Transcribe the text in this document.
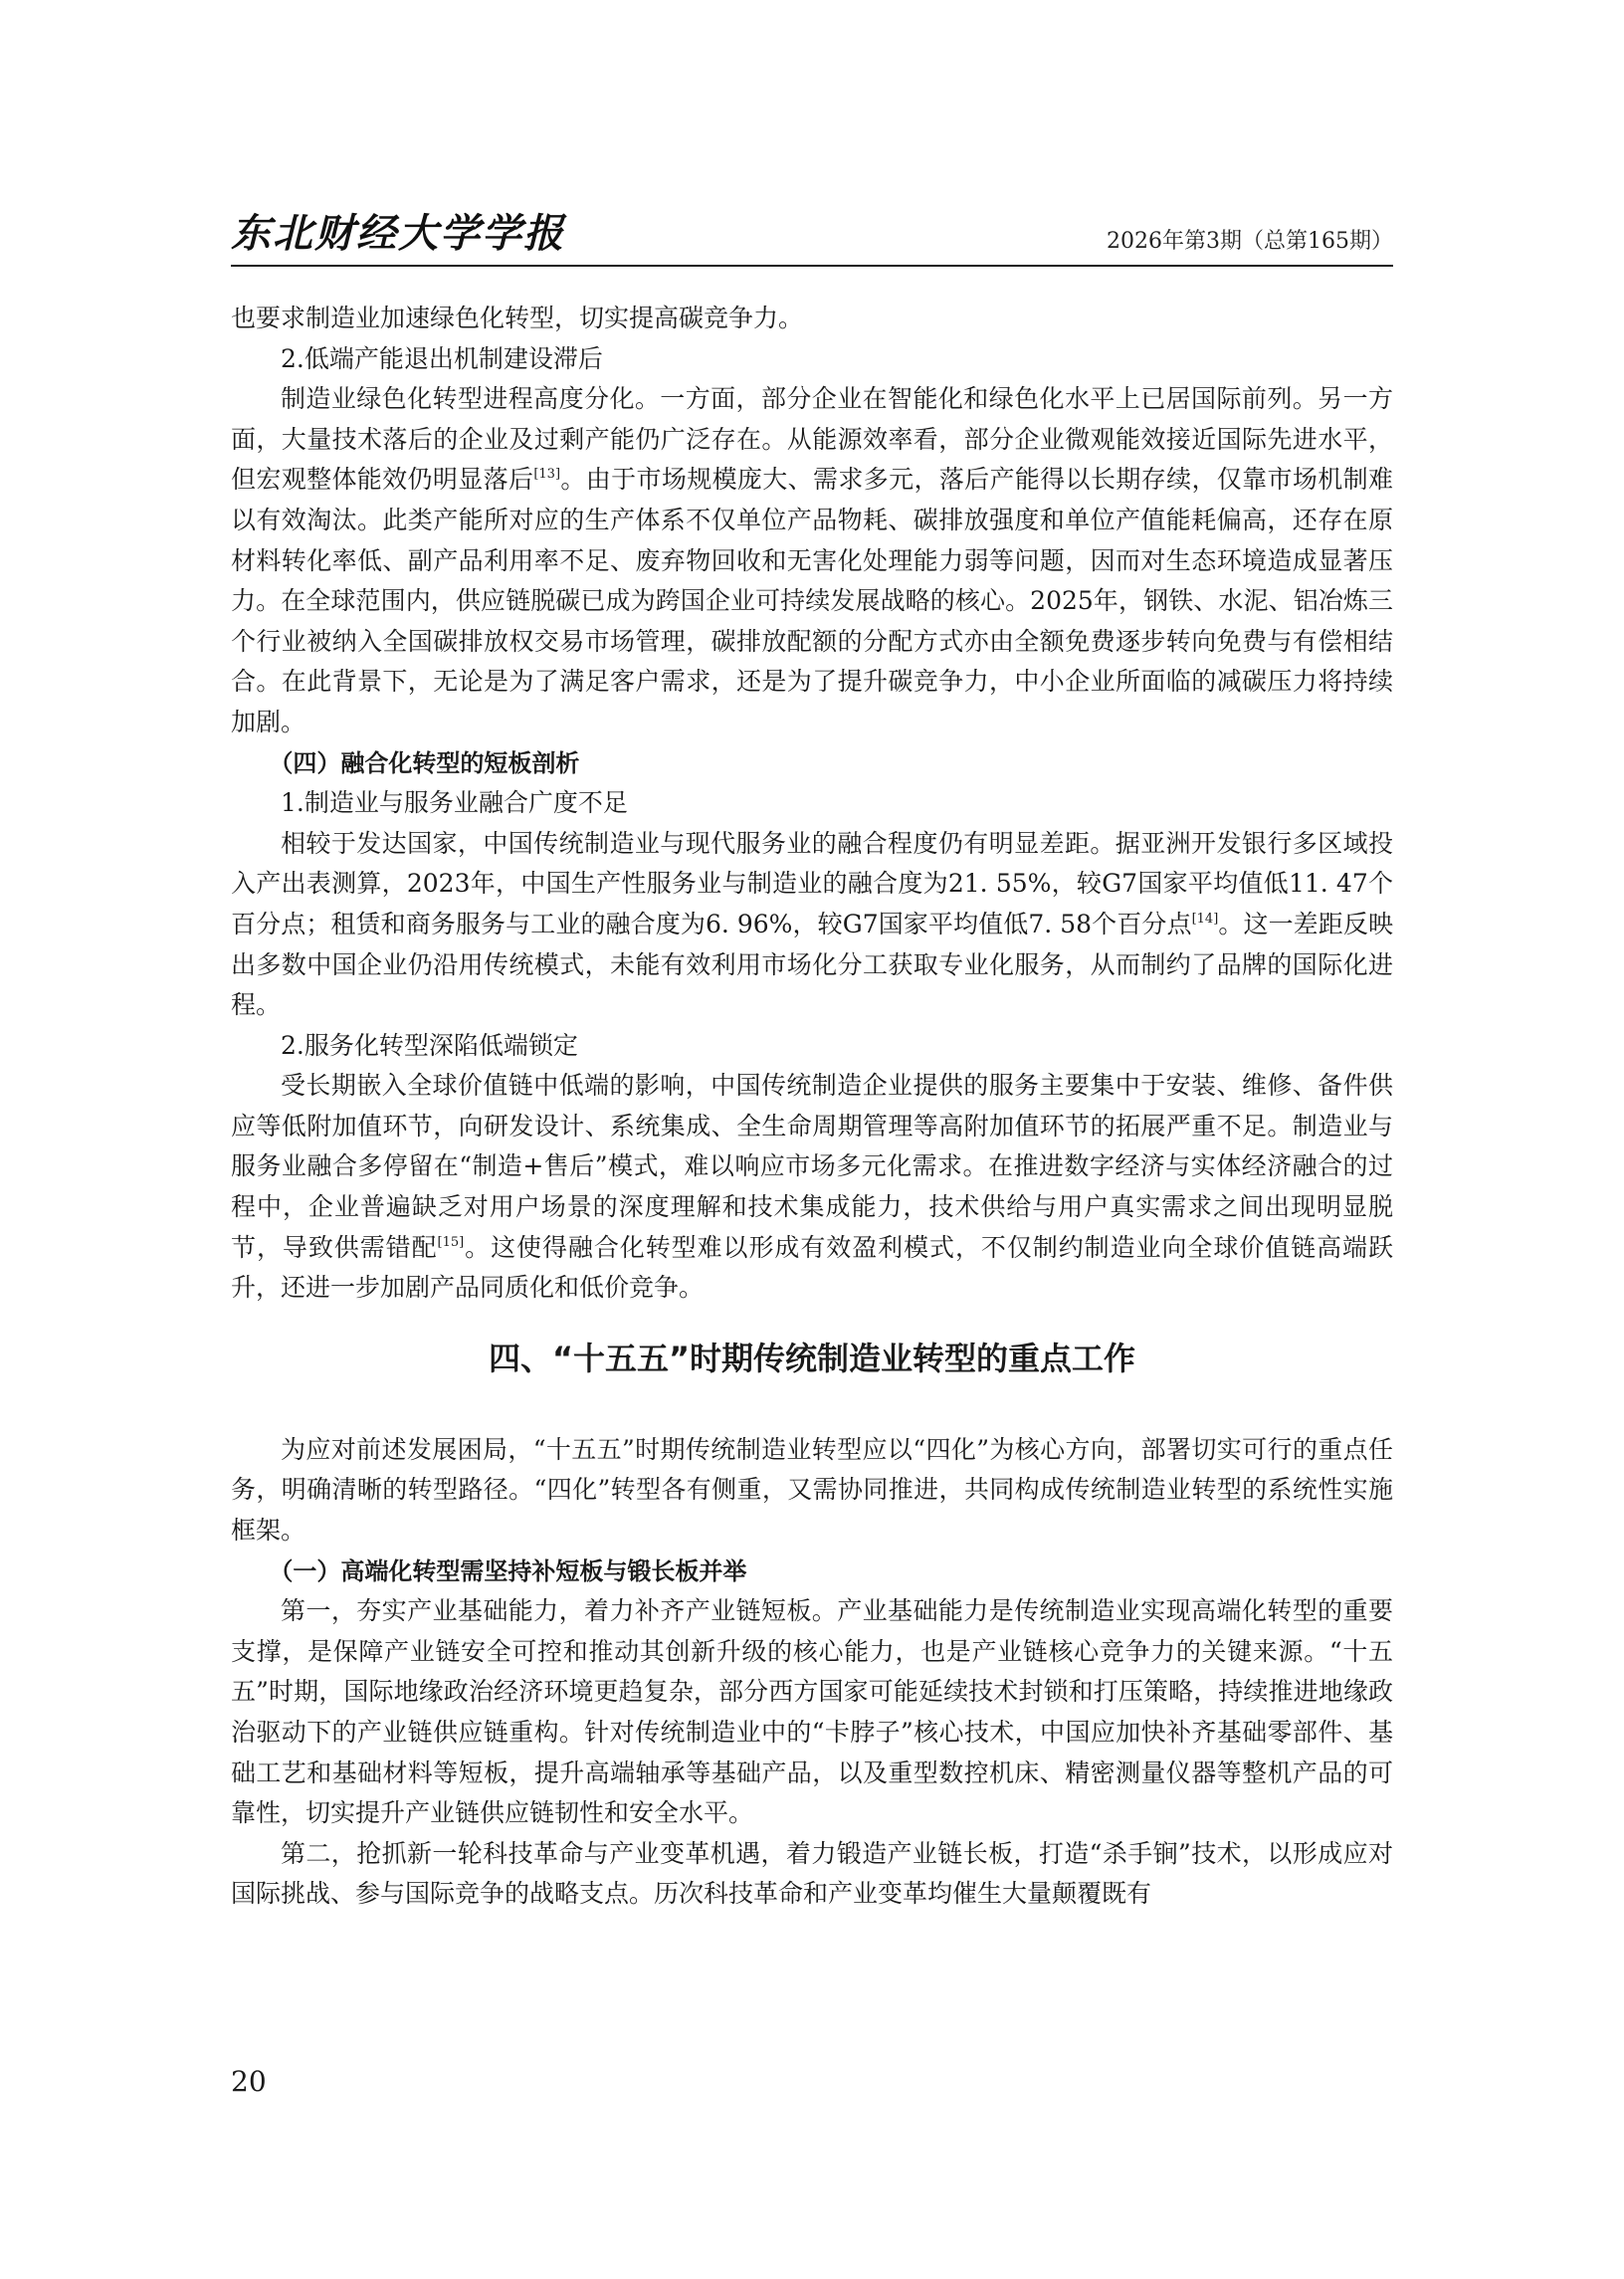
东北财经大学学报	2026年第3期（总第165期）

也要求制造业加速绿色化转型，切实提高碳竞争力。

2.低端产能退出机制建设滞后

制造业绿色化转型进程高度分化。一方面，部分企业在智能化和绿色化水平上已居国际前列。另一方面，大量技术落后的企业及过剩产能仍广泛存在。从能源效率看，部分企业微观能效接近国际先进水平，但宏观整体能效仍明显落后[13]。由于市场规模庞大、需求多元，落后产能得以长期存续，仅靠市场机制难以有效淘汰。此类产能所对应的生产体系不仅单位产品物耗、碳排放强度和单位产值能耗偏高，还存在原材料转化率低、副产品利用率不足、废弃物回收和无害化处理能力弱等问题，因而对生态环境造成显著压力。在全球范围内，供应链脱碳已成为跨国企业可持续发展战略的核心。2025年，钢铁、水泥、铝冶炼三个行业被纳入全国碳排放权交易市场管理，碳排放配额的分配方式亦由全额免费逐步转向免费与有偿相结合。在此背景下，无论是为了满足客户需求，还是为了提升碳竞争力，中小企业所面临的减碳压力将持续加剧。

（四）融合化转型的短板剖析

1.制造业与服务业融合广度不足

相较于发达国家，中国传统制造业与现代服务业的融合程度仍有明显差距。据亚洲开发银行多区域投入产出表测算，2023年，中国生产性服务业与制造业的融合度为21. 55%，较G7国家平均值低11. 47个百分点；租赁和商务服务与工业的融合度为6. 96%，较G7国家平均值低7. 58个百分点[14]。这一差距反映出多数中国企业仍沿用传统模式，未能有效利用市场化分工获取专业化服务，从而制约了品牌的国际化进程。

2.服务化转型深陷低端锁定

受长期嵌入全球价值链中低端的影响，中国传统制造企业提供的服务主要集中于安装、维修、备件供应等低附加值环节，向研发设计、系统集成、全生命周期管理等高附加值环节的拓展严重不足。制造业与服务业融合多停留在“制造+售后”模式，难以响应市场多元化需求。在推进数字经济与实体经济融合的过程中，企业普遍缺乏对用户场景的深度理解和技术集成能力，技术供给与用户真实需求之间出现明显脱节，导致供需错配[15]。这使得融合化转型难以形成有效盈利模式，不仅制约制造业向全球价值链高端跃升，还进一步加剧产品同质化和低价竞争。

四、“十五五”时期传统制造业转型的重点工作

为应对前述发展困局，“十五五”时期传统制造业转型应以“四化”为核心方向，部署切实可行的重点任务，明确清晰的转型路径。“四化”转型各有侧重，又需协同推进，共同构成传统制造业转型的系统性实施框架。

（一）高端化转型需坚持补短板与锻长板并举

第一，夯实产业基础能力，着力补齐产业链短板。产业基础能力是传统制造业实现高端化转型的重要支撑，是保障产业链安全可控和推动其创新升级的核心能力，也是产业链核心竞争力的关键来源。“十五五”时期，国际地缘政治经济环境更趋复杂，部分西方国家可能延续技术封锁和打压策略，持续推进地缘政治驱动下的产业链供应链重构。针对传统制造业中的“卡脖子”核心技术，中国应加快补齐基础零部件、基础工艺和基础材料等短板，提升高端轴承等基础产品，以及重型数控机床、精密测量仪器等整机产品的可靠性，切实提升产业链供应链韧性和安全水平。

第二，抢抓新一轮科技革命与产业变革机遇，着力锻造产业链长板，打造“杀手锏”技术，以形成应对国际挑战、参与国际竞争的战略支点。历次科技革命和产业变革均催生大量颠覆既有

20
